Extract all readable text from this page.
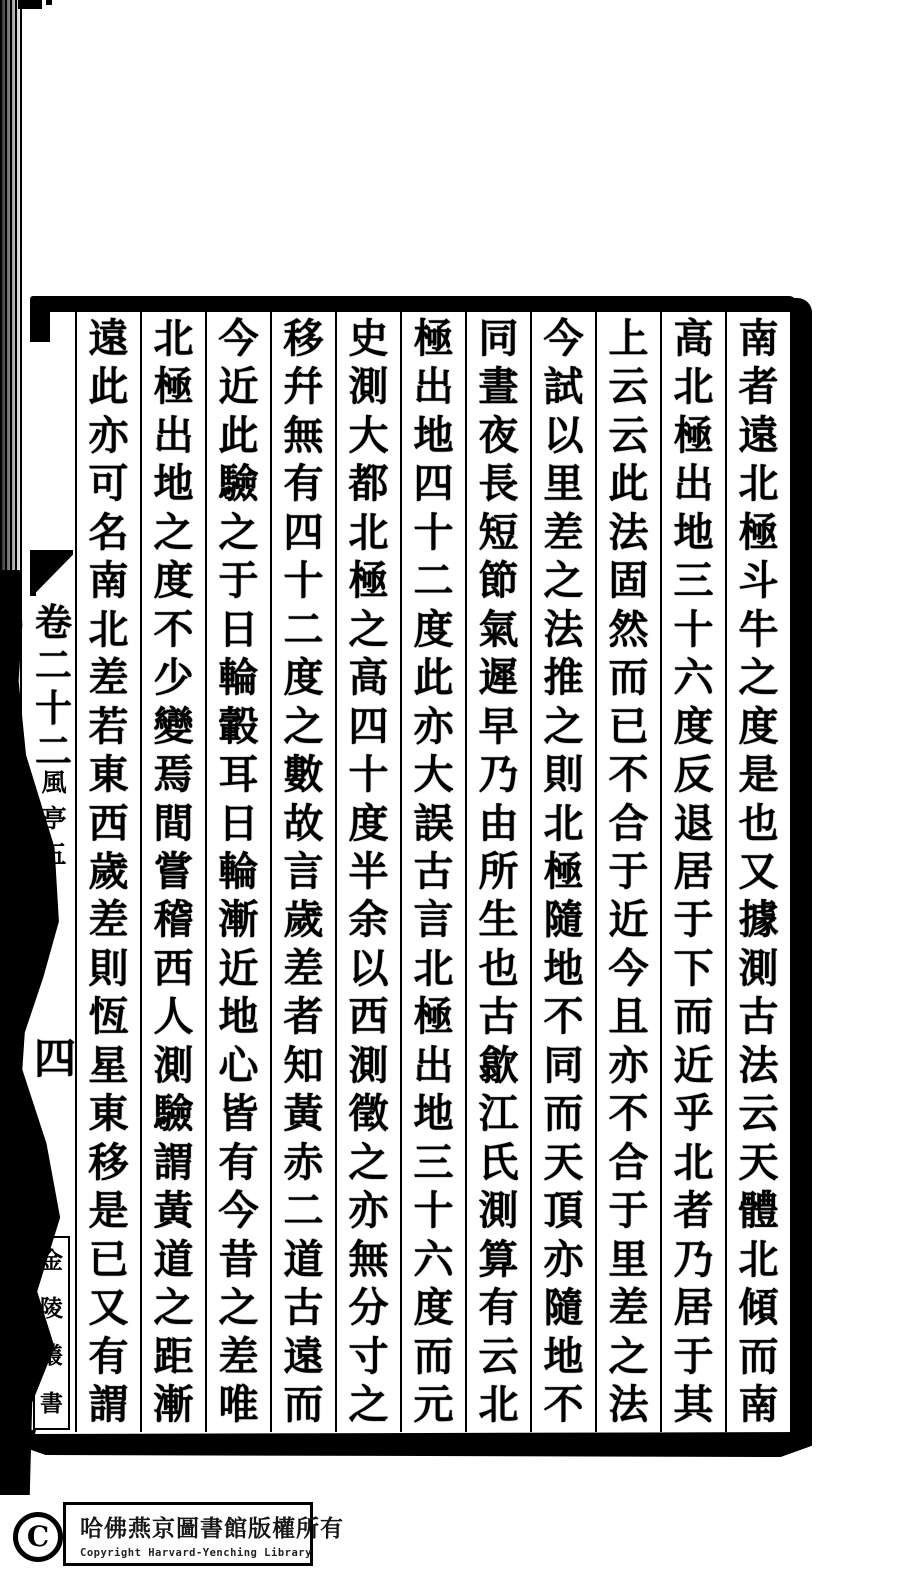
卷
二
十
二
風
亭
五
四
金
陵
叢
書
南
者
遠
北
極
斗
牛
之
度
是
也
又
據
測
古
法
云
天
體
北
傾
而
南
高
北
極
出
地
三
十
六
度
反
退
居
于
下
而
近
乎
北
者
乃
居
于
其
上
云
云
此
法
固
然
而
已
不
合
于
近
今
且
亦
不
合
于
里
差
之
法
今
試
以
里
差
之
法
推
之
則
北
極
隨
地
不
同
而
天
頂
亦
隨
地
不
同
晝
夜
長
短
節
氣
遲
早
乃
由
所
生
也
古
歙
江
氏
測
算
有
云
北
極
出
地
四
十
二
度
此
亦
大
誤
古
言
北
極
出
地
三
十
六
度
而
元
史
測
大
都
北
極
之
高
四
十
度
半
余
以
西
測
徵
之
亦
無
分
寸
之
移
幷
無
有
四
十
二
度
之
數
故
言
歲
差
者
知
黃
赤
二
道
古
遠
而
今
近
此
驗
之
于
日
輪
轂
耳
日
輪
漸
近
地
心
皆
有
今
昔
之
差
唯
北
極
出
地
之
度
不
少
變
焉
間
嘗
稽
西
人
測
驗
謂
黃
道
之
距
漸
遠
此
亦
可
名
南
北
差
若
東
西
歲
差
則
恆
星
東
移
是
已
又
有
謂
C 哈佛燕京圖書館版權所有
Copyright Harvard-Yenching Library
